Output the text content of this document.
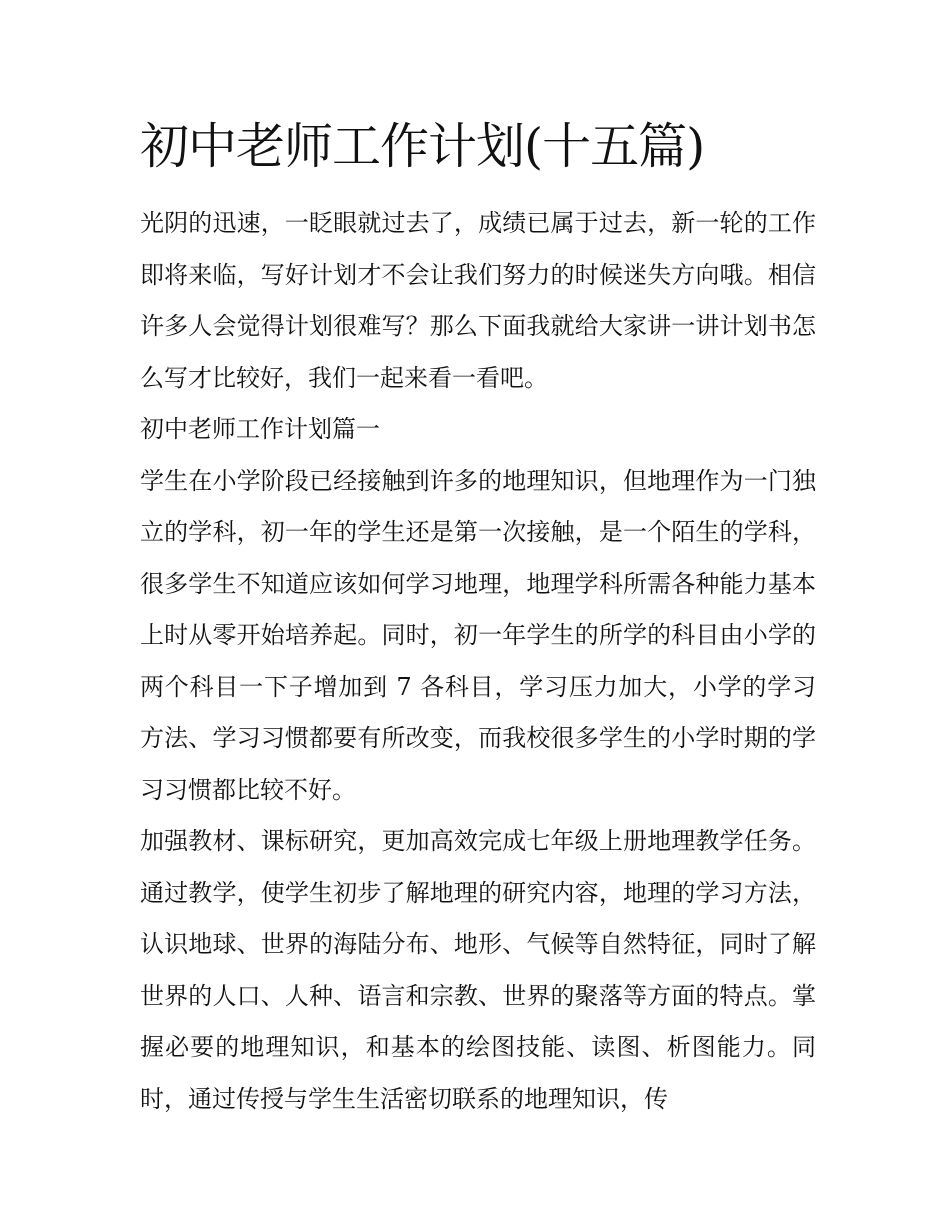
初中老师工作计划(十五篇)

光阴的迅速，一眨眼就过去了，成绩已属于过去，新一轮的工作即将来临，写好计划才不会让我们努力的时候迷失方向哦。相信许多人会觉得计划很难写？那么下面我就给大家讲一讲计划书怎么写才比较好，我们一起来看一看吧。

初中老师工作计划篇一

学生在小学阶段已经接触到许多的地理知识，但地理作为一门独立的学科，初一年的学生还是第一次接触，是一个陌生的学科，很多学生不知道应该如何学习地理，地理学科所需各种能力基本上时从零开始培养起。同时，初一年学生的所学的科目由小学的两个科目一下子增加到 7 各科目，学习压力加大，小学的学习方法、学习习惯都要有所改变，而我校很多学生的小学时期的学习习惯都比较不好。

加强教材、课标研究，更加高效完成七年级上册地理教学任务。通过教学，使学生初步了解地理的研究内容，地理的学习方法，认识地球、世界的海陆分布、地形、气候等自然特征，同时了解世界的人口、人种、语言和宗教、世界的聚落等方面的特点。掌握必要的地理知识，和基本的绘图技能、读图、析图能力。同时，通过传授与学生生活密切联系的地理知识，传
